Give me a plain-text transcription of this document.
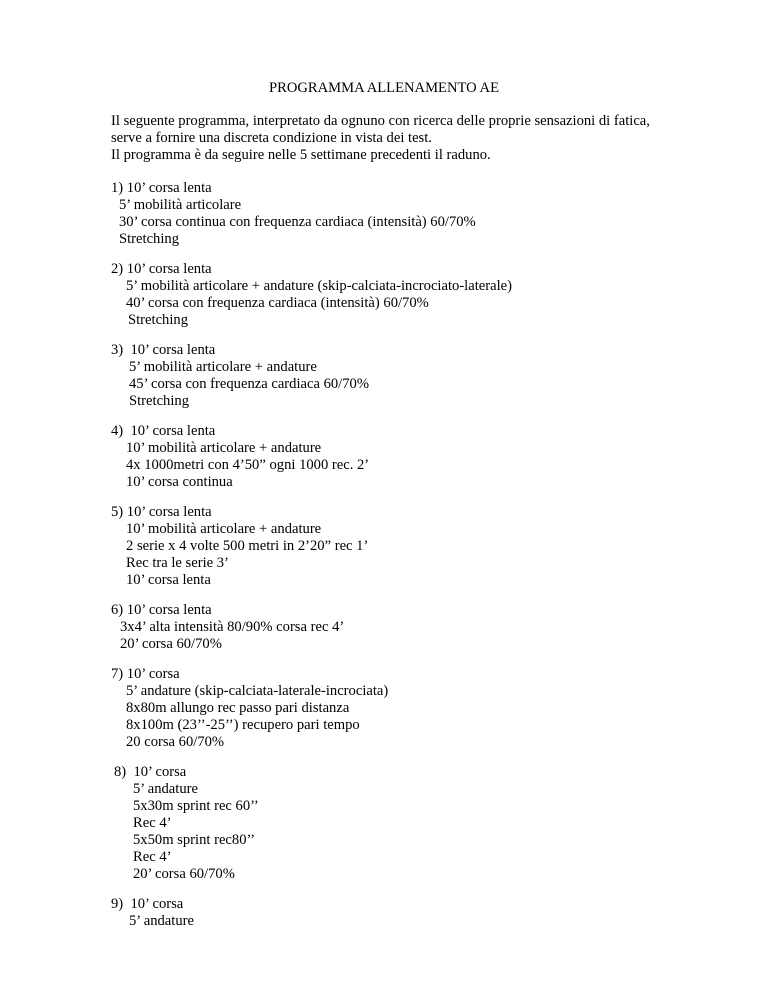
PROGRAMMA ALLENAMENTO AE
Il seguente programma, interpretato da ognuno con ricerca delle proprie sensazioni di fatica,
serve a fornire una discreta condizione in vista dei test.
Il programma è da seguire nelle 5 settimane precedenti il raduno.
1) 10’ corsa lenta
5’ mobilità articolare
30’ corsa continua con frequenza cardiaca (intensità) 60/70%
Stretching
2) 10’ corsa lenta
5’ mobilità articolare + andature (skip-calciata-incrociato-laterale)
40’ corsa con frequenza cardiaca (intensità) 60/70%
Stretching
3)  10’ corsa lenta
5’ mobilità articolare + andature
45’ corsa con frequenza cardiaca 60/70%
Stretching
4)  10’ corsa lenta
10’ mobilità articolare + andature
4x 1000metri con 4’50” ogni 1000 rec. 2’
10’ corsa continua
5) 10’ corsa lenta
10’ mobilità articolare + andature
2 serie x 4 volte 500 metri in 2’20” rec 1’
Rec tra le serie 3’
10’ corsa lenta
6) 10’ corsa lenta
3x4’ alta intensità 80/90% corsa rec 4’
20’ corsa 60/70%
7) 10’ corsa
5’ andature (skip-calciata-laterale-incrociata)
8x80m allungo rec passo pari distanza
8x100m (23’’-25’’) recupero pari tempo
20 corsa 60/70%
8)  10’ corsa
5’ andature
5x30m sprint rec 60’’
Rec 4’
5x50m sprint rec80’’
Rec 4’
20’ corsa 60/70%
9)  10’ corsa
5’ andature
